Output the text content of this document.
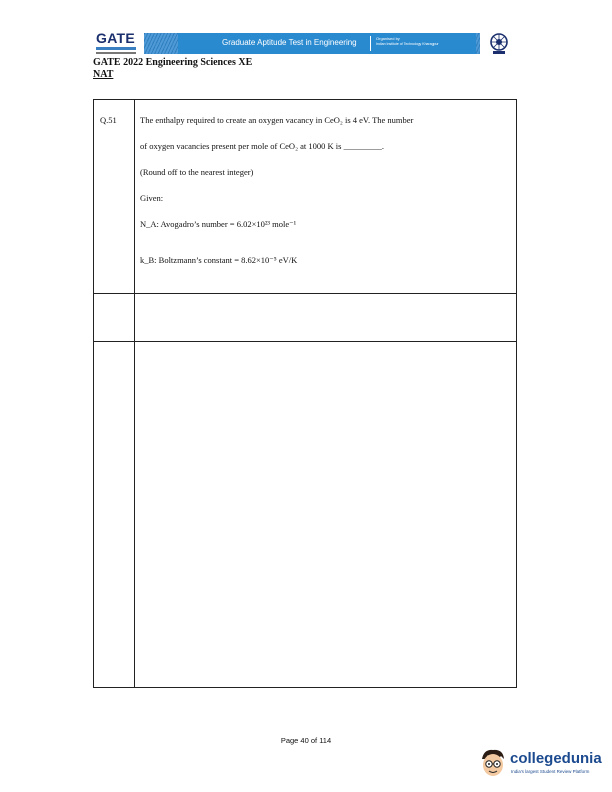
GATE	Graduate Aptitude Test in Engineering	Organised by
Indian Institute of Technology Kharagpur
GATE 2022 Engineering Sciences XE
NAT
Q.51	The enthalpy required to create an oxygen vacancy in CeO₂ is 4 eV. The number
of oxygen vacancies present per mole of CeO₂ at 1000 K is _________.
(Round off to the nearest integer)
Given:
N_A: Avogadro’s number = 6.02×10²³ mole⁻¹
k_B: Boltzmann’s constant = 8.62×10⁻⁵ eV/K
Page 40 of 114
collegedunia
India's largest Student Review Platform
